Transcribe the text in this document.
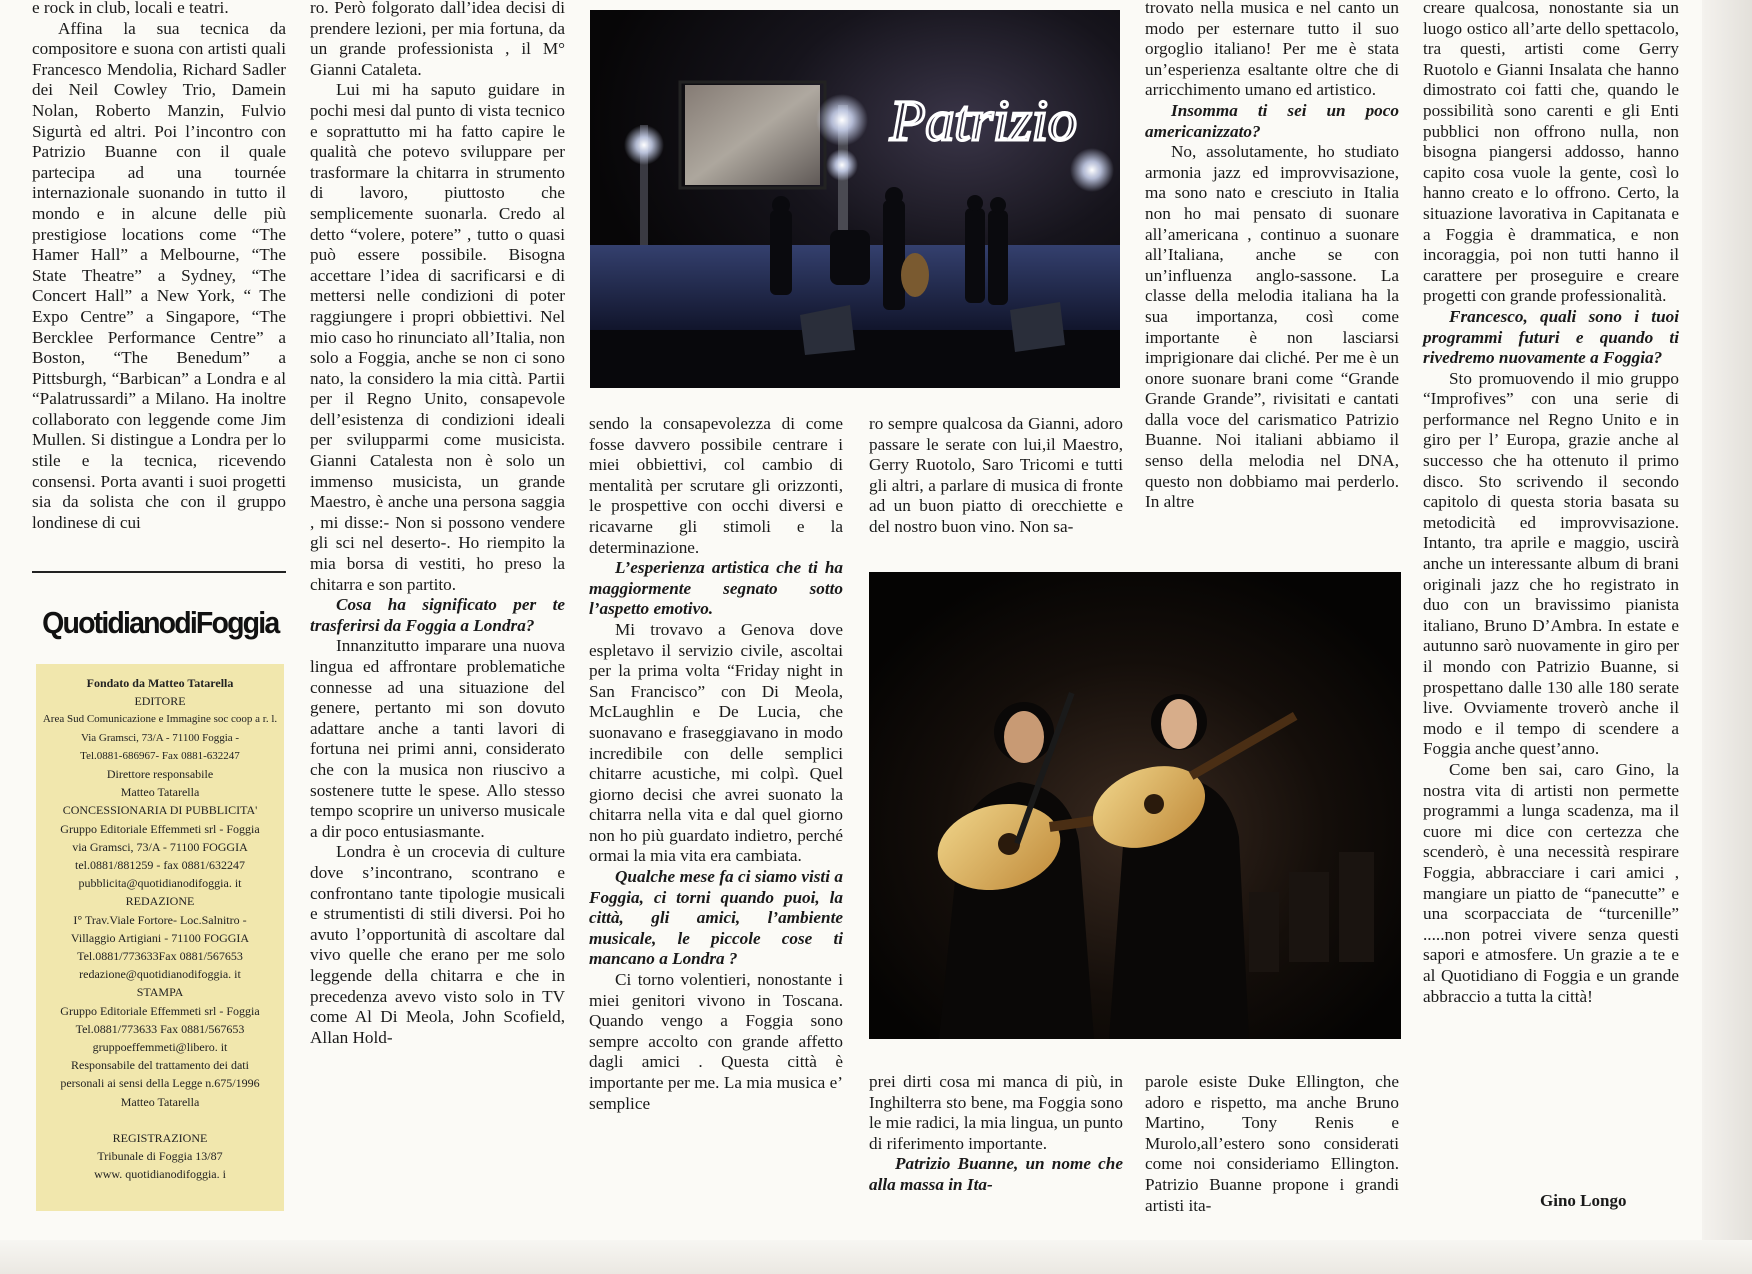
e rock in club, locali e teatri.

Affina la sua tecnica da compositore e suona con artisti quali Francesco Mendolia, Richard Sadler dei Neil Cowley Trio, Damein Nolan, Roberto Manzin, Fulvio Sigurtà ed altri. Poi l’incontro con Patrizio Buanne con il quale partecipa ad una tournée internazionale suonando in tutto il mondo e in alcune delle più prestigiose locations come “The Hamer Hall” a Melbourne, “The State Theatre” a Sydney, “The Concert Hall” a New York, “ The Expo Centre” a Singapore, “The Bercklee Performance Centre” a Boston, “The Benedum” a Pittsburgh, “Barbican” a Londra e al “Palatrussardi” a Milano. Ha inoltre collaborato con leggende come Jim Mullen. Si distingue a Londra per lo stile e la tecnica, ricevendo consensi. Porta avanti i suoi progetti sia da solista che con il gruppo londinese di cui

QuotidianodiFoggia
Fondato da Matteo Tatarella
EDITORE
Area Sud Comunicazione e Immagine soc coop a r. l.
Via Gramsci, 73/A - 71100 Foggia -
Tel.0881-686967- Fax 0881-632247
Direttore responsabile
Matteo Tatarella
CONCESSIONARIA DI PUBBLICITA'
Gruppo Editoriale Effemmeti srl - Foggia
via Gramsci, 73/A - 71100 FOGGIA
tel.0881/881259 - fax 0881/632247
pubblicita@quotidianodifoggia. it
REDAZIONE
I° Trav.Viale Fortore- Loc.Salnitro -
Villaggio Artigiani - 71100 FOGGIA
Tel.0881/773633Fax 0881/567653
redazione@quotidianodifoggia. it
STAMPA
Gruppo Editoriale Effemmeti srl - Foggia
Tel.0881/773633 Fax 0881/567653
gruppoeffemmeti@libero. it
Responsabile del trattamento dei dati
personali ai sensi della Legge n.675/1996
Matteo Tatarella

REGISTRAZIONE
Tribunale di Foggia 13/87
www. quotidianodifoggia. i

ro. Però folgorato dall’idea decisi di prendere lezioni, per mia fortuna, da un grande professionista , il M° Gianni Cataleta.

Lui mi ha saputo guidare in pochi mesi dal punto di vista tecnico e soprattutto mi ha fatto capire le qualità che potevo sviluppare per trasformare la chitarra in strumento di lavoro, piuttosto che semplicemente suonarla. Credo al detto “volere, potere” , tutto o quasi può essere possibile. Bisogna accettare l’idea di sacrificarsi e di mettersi nelle condizioni di poter raggiungere i propri obbiettivi. Nel mio caso ho rinunciato all’Italia, non solo a Foggia, anche se non ci sono nato, la considero la mia città. Partii per il Regno Unito, consapevole dell’esistenza di condizioni ideali per svilupparmi come musicista. Gianni Catalesta non è solo un immenso musicista, un grande Maestro, è anche una persona saggia , mi disse:- Non si possono vendere gli sci nel deserto-. Ho riempito la mia borsa di vestiti, ho preso la chitarra e son partito.

Cosa ha significato per te trasferirsi da Foggia a Londra?

Innanzitutto imparare una nuova lingua ed affrontare problematiche connesse ad una situazione del genere, pertanto mi son dovuto adattare anche a tanti lavori di fortuna nei primi anni, considerato che con la musica non riuscivo a sostenere tutte le spese. Allo stesso tempo scoprire un universo musicale a dir poco entusiasmante.

Londra è un crocevia di culture dove s’incontrano, scontrano e confrontano tante tipologie musicali e strumentisti di stili diversi. Poi ho avuto l’opportunità di ascoltare dal vivo quelle che erano per me solo leggende della chitarra e che in precedenza avevo visto solo in TV come Al Di Meola, John Scofield, Allan Hold-

Patrizio

sendo la consapevolezza di come fosse davvero possibile centrare i miei obbiettivi, col cambio di mentalità per scrutare gli orizzonti, le prospettive con occhi diversi e ricavarne gli stimoli e la determinazione.

L’esperienza artistica che ti ha maggiormente segnato sotto l’aspetto emotivo.

Mi trovavo a Genova dove espletavo il servizio civile, ascoltai per la prima volta “Friday night in San Francisco” con Di Meola, McLaughlin e De Lucia, che suonavano e fraseggiavano in modo incredibile con delle semplici chitarre acustiche, mi colpì. Quel giorno decisi che avrei suonato la chitarra nella vita e dal quel giorno non ho più guardato indietro, perché ormai la mia vita era cambiata.

Qualche mese fa ci siamo visti a Foggia, ci torni quando puoi, la città, gli amici, l’ambiente musicale, le piccole cose ti mancano a Londra ?

Ci torno volentieri, nonostante i miei genitori vivono in Toscana. Quando vengo a Foggia sono sempre accolto con grande affetto dagli amici . Questa città è importante per me. La mia musica e’ semplice

ro sempre qualcosa da Gianni, adoro passare le serate con lui,il Maestro, Gerry Ruotolo, Saro Tricomi e tutti gli altri, a parlare di musica di fronte ad un buon piatto di orecchiette e del nostro buon vino. Non sa-

prei dirti cosa mi manca di più, in Inghilterra sto bene, ma Foggia sono le mie radici, la mia lingua, un punto di riferimento importante.

Patrizio Buanne, un nome che alla massa in Ita-

trovato nella musica e nel canto un modo per esternare tutto il suo orgoglio italiano! Per me è stata un’esperienza esaltante oltre che di arricchimento umano ed artistico.

Insomma ti sei un poco americanizzato?

No, assolutamente, ho studiato armonia jazz ed improvvisazione, ma sono nato e cresciuto in Italia non ho mai pensato di suonare all’americana , continuo a suonare all’Italiana, anche se con un’influenza anglo-sassone. La classe della melodia italiana ha la sua importanza, così come importante è non lasciarsi imprigionare dai cliché. Per me è un onore suonare brani come “Grande Grande Grande”, rivisitati e cantati dalla voce del carismatico Patrizio Buanne. Noi italiani abbiamo il senso della melodia nel DNA, questo non dobbiamo mai perderlo. In altre

parole esiste Duke Ellington, che adoro e rispetto, ma anche Bruno Martino, Tony Renis e Murolo,all’estero sono considerati come noi consideriamo Ellington. Patrizio Buanne propone i grandi artisti ita-

creare qualcosa, nonostante sia un luogo ostico all’arte dello spettacolo, tra questi, artisti come Gerry Ruotolo e Gianni Insalata che hanno dimostrato coi fatti che, quando le possibilità sono carenti e gli Enti pubblici non offrono nulla, non bisogna piangersi addosso, hanno capito cosa vuole la gente, così lo hanno creato e lo offrono. Certo, la situazione lavorativa in Capitanata e a Foggia è drammatica, e non incoraggia, poi non tutti hanno il carattere per proseguire e creare progetti con grande professionalità.

Francesco, quali sono i tuoi programmi futuri e quando ti rivedremo nuovamente a Foggia?

Sto promuovendo il mio gruppo “Improfives” con una serie di performance nel Regno Unito e in giro per l’ Europa, grazie anche al successo che ha ottenuto il primo disco. Sto scrivendo il secondo capitolo di questa storia basata su metodicità ed improvvisazione. Intanto, tra aprile e maggio, uscirà anche un interessante album di brani originali jazz che ho registrato in duo con un bravissimo pianista italiano, Bruno D’Ambra. In estate e autunno sarò nuovamente in giro per il mondo con Patrizio Buanne, si prospettano dalle 130 alle 180 serate live. Ovviamente troverò anche il modo e il tempo di scendere a Foggia anche quest’anno.

Come ben sai, caro Gino, la nostra vita di artisti non permette programmi a lunga scadenza, ma il cuore mi dice con certezza che scenderò, è una necessità respirare Foggia, abbracciare i cari amici , mangiare un piatto de “panecutte” e una scorpacciata de “turcenille” .....non potrei vivere senza questi sapori e atmosfere. Un grazie a te e al Quotidiano di Foggia e un grande abbraccio a tutta la città!

Gino Longo
